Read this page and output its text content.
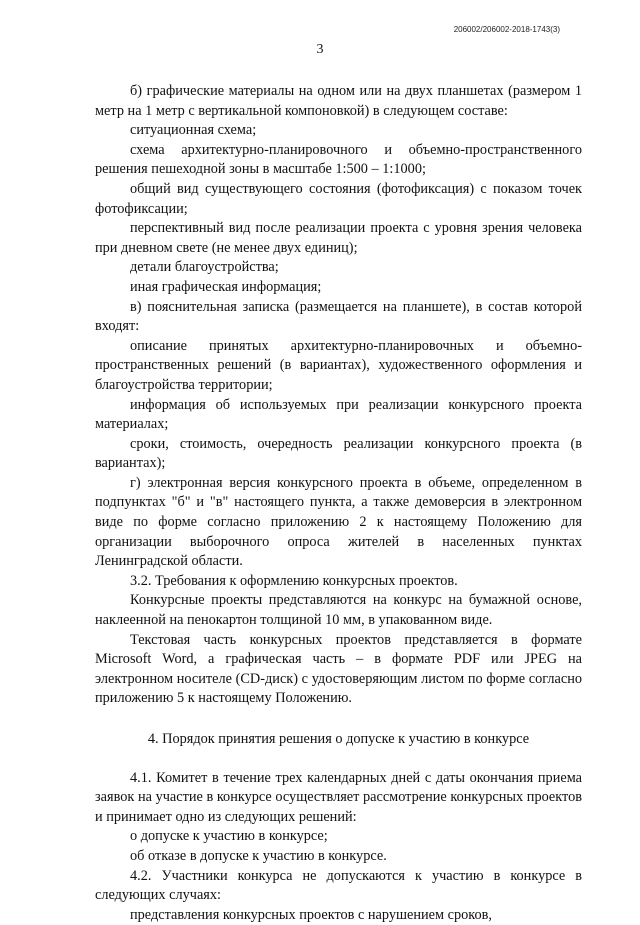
206002/206002-2018-1743(3)
3

б) графические материалы на одном или на двух планшетах (размером 1 метр на 1 метр с вертикальной компоновкой) в следующем составе:

ситуационная схема;

схема архитектурно-планировочного и объемно-пространственного решения пешеходной зоны в масштабе 1:500 – 1:1000;

общий вид существующего состояния (фотофиксация) с показом точек фотофиксации;

перспективный вид после реализации проекта с уровня зрения человека при дневном свете (не менее двух единиц);

детали благоустройства;

иная графическая информация;

в) пояснительная записка (размещается на планшете), в состав которой входят:

описание принятых архитектурно-планировочных и объемно-пространственных решений (в вариантах), художественного оформления и благоустройства территории;

информация об используемых при реализации конкурсного проекта материалах;

сроки, стоимость, очередность реализации конкурсного проекта (в вариантах);

г) электронная версия конкурсного проекта в объеме, определенном в подпунктах "б" и "в" настоящего пункта, а также демоверсия в электронном виде по форме согласно приложению 2 к настоящему Положению для организации выборочного опроса жителей в населенных пунктах Ленинградской области.

3.2. Требования к оформлению конкурсных проектов.

Конкурсные проекты представляются на конкурс на бумажной основе, наклеенной на пенокартон толщиной 10 мм, в упакованном виде.

Текстовая часть конкурсных проектов представляется в формате Microsoft Word, а графическая часть – в формате PDF или JPEG на электронном носителе (CD-диск) с удостоверяющим листом по форме согласно приложению 5 к настоящему Положению.

4. Порядок принятия решения о допуске к участию в конкурсе

4.1. Комитет в течение трех календарных дней с даты окончания приема заявок на участие в конкурсе осуществляет рассмотрение конкурсных проектов и принимает одно из следующих решений:

о допуске к участию в конкурсе;

об отказе в допуске к участию в конкурсе.

4.2. Участники конкурса не допускаются к участию в конкурсе в следующих случаях:

представления конкурсных проектов с нарушением сроков,
